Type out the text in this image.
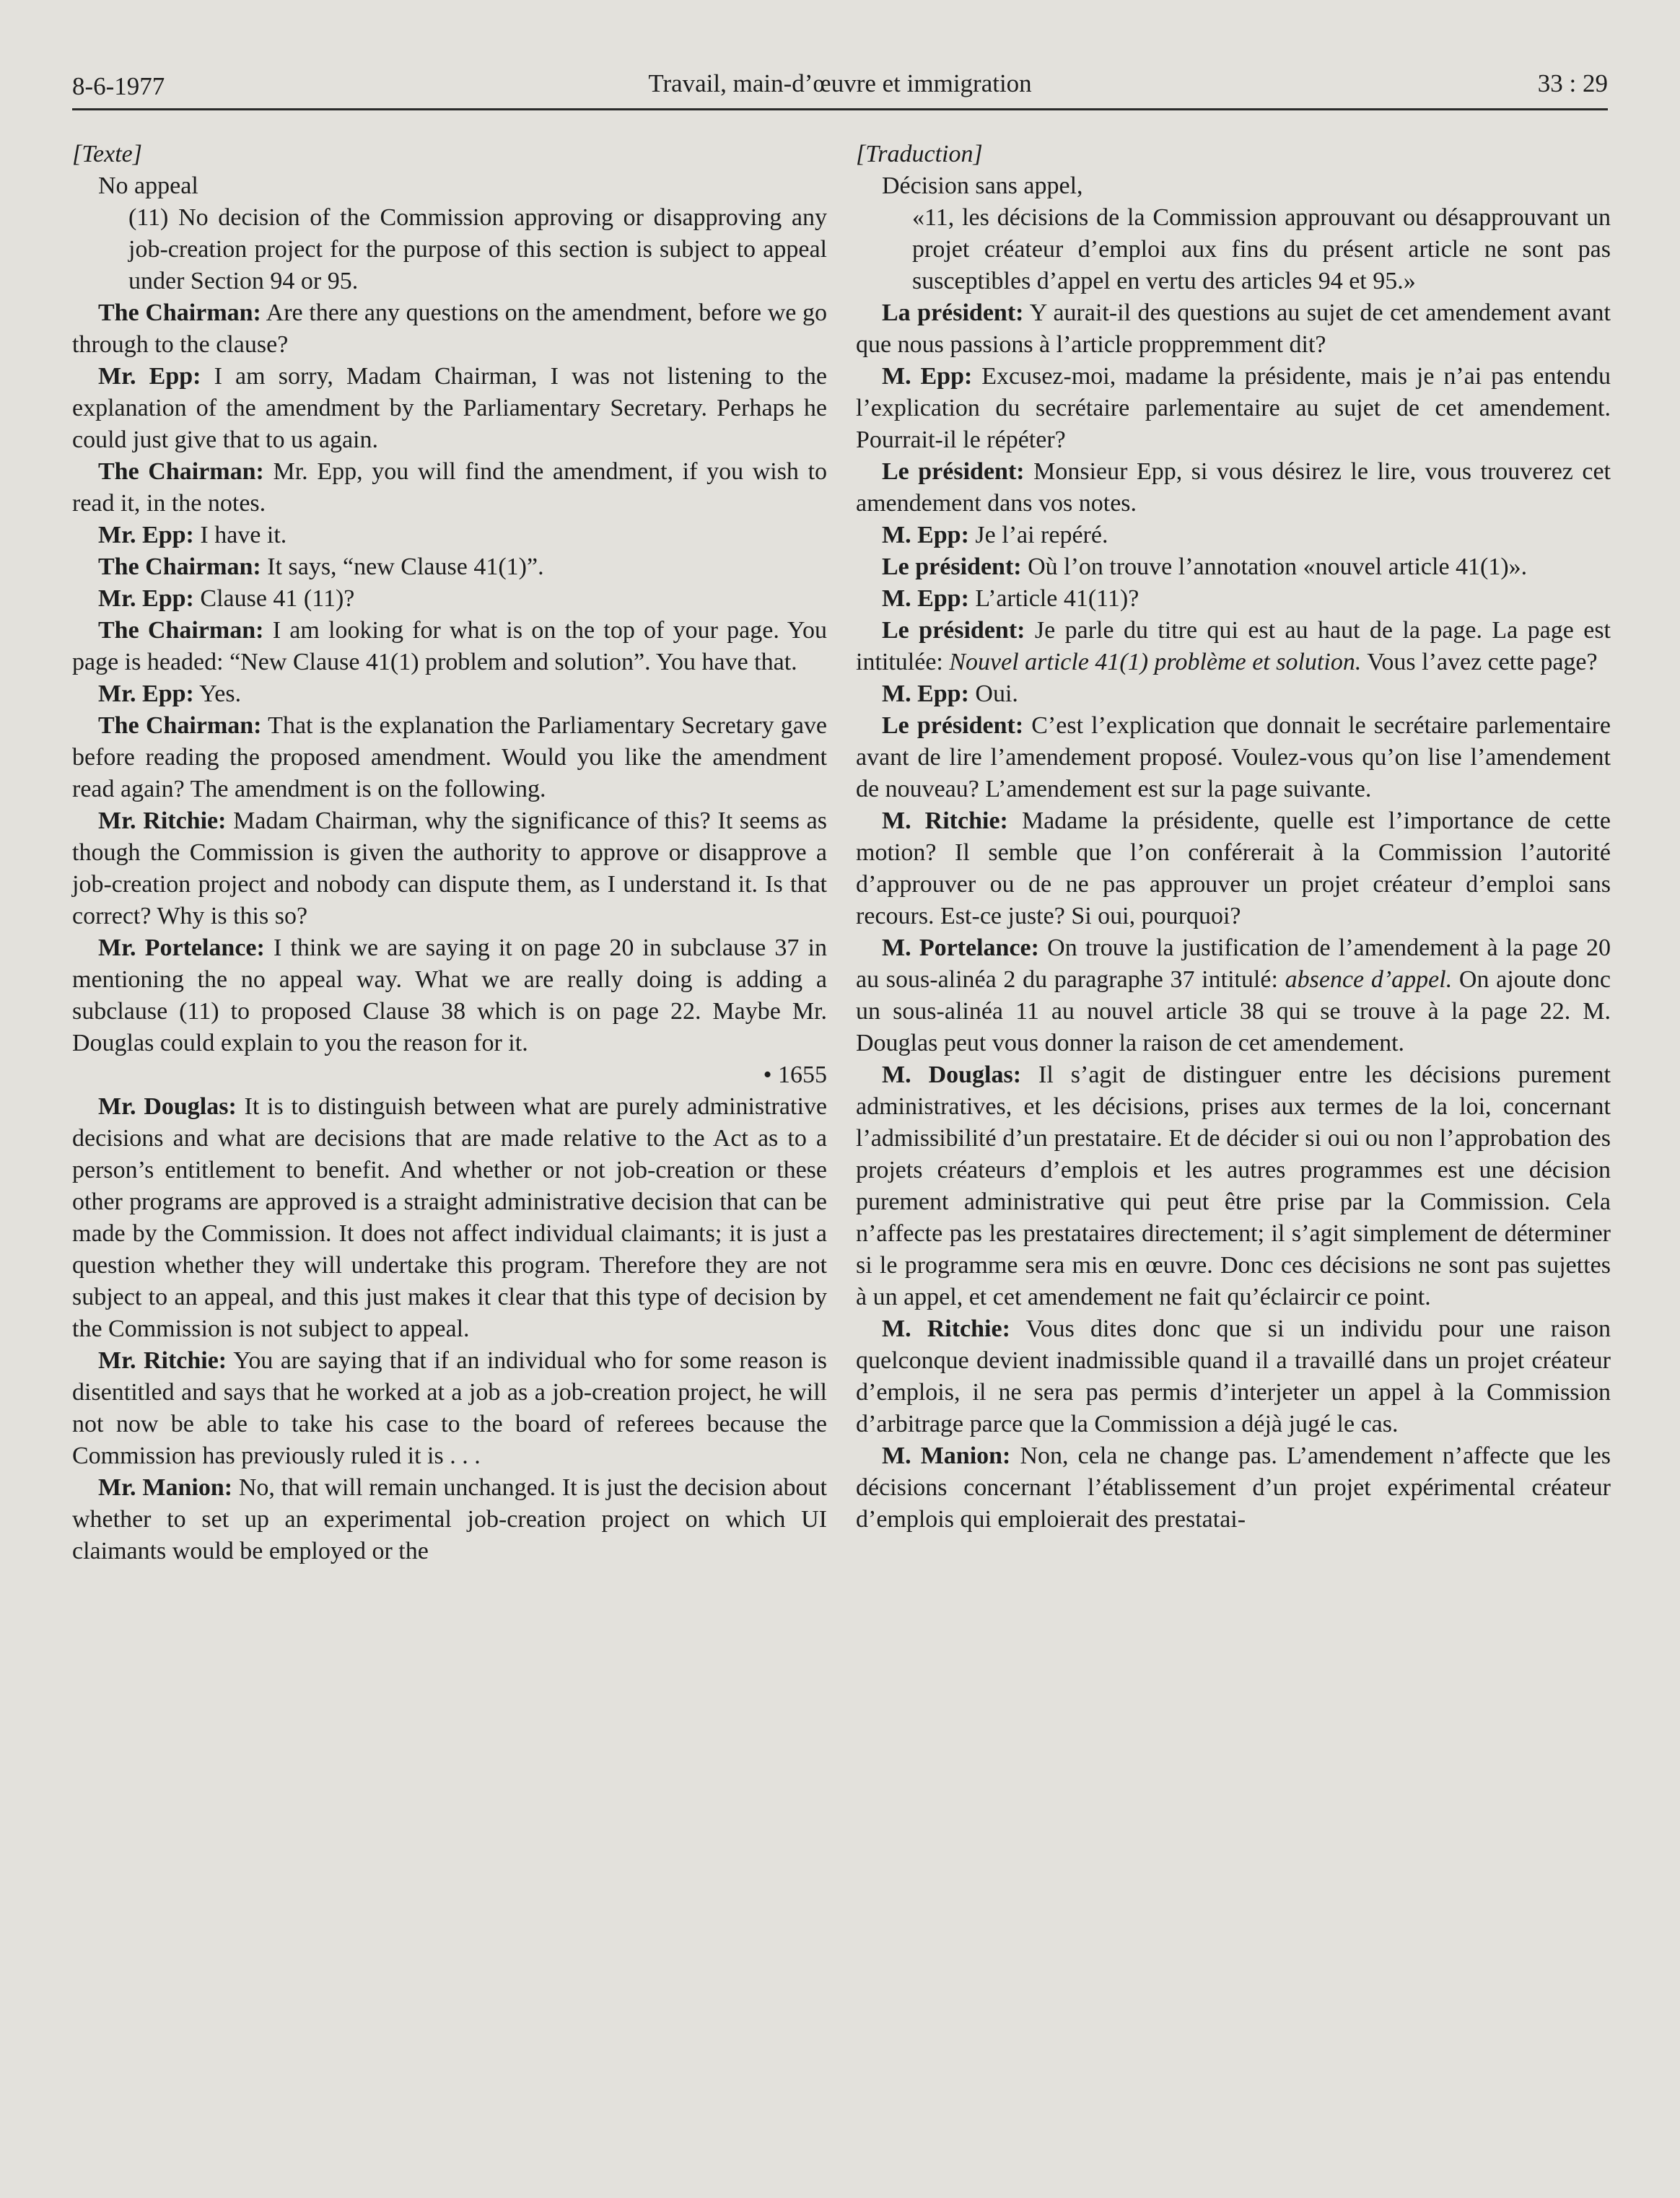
8-6-1977	Travail, main-d’œuvre et immigration	33 : 29

[Texte]

No appeal

(11) No decision of the Commission approving or disapproving any job-creation project for the purpose of this section is subject to appeal under Section 94 or 95.

The Chairman: Are there any questions on the amendment, before we go through to the clause?

Mr. Epp: I am sorry, Madam Chairman, I was not listening to the explanation of the amendment by the Parliamentary Secretary. Perhaps he could just give that to us again.

The Chairman: Mr. Epp, you will find the amendment, if you wish to read it, in the notes.

Mr. Epp: I have it.

The Chairman: It says, “new Clause 41(1)”.

Mr. Epp: Clause 41 (11)?

The Chairman: I am looking for what is on the top of your page. You page is headed: “New Clause 41(1) problem and solution”. You have that.

Mr. Epp: Yes.

The Chairman: That is the explanation the Parliamentary Secretary gave before reading the proposed amendment. Would you like the amendment read again? The amendment is on the following.

Mr. Ritchie: Madam Chairman, why the significance of this? It seems as though the Commission is given the authority to approve or disapprove a job-creation project and nobody can dispute them, as I understand it. Is that correct? Why is this so?

Mr. Portelance: I think we are saying it on page 20 in subclause 37 in mentioning the no appeal way. What we are really doing is adding a subclause (11) to proposed Clause 38 which is on page 22. Maybe Mr. Douglas could explain to you the reason for it.

• 1655

Mr. Douglas: It is to distinguish between what are purely administrative decisions and what are decisions that are made relative to the Act as to a person’s entitlement to benefit. And whether or not job-creation or these other programs are approved is a straight administrative decision that can be made by the Commission. It does not affect individual claimants; it is just a question whether they will undertake this program. Therefore they are not subject to an appeal, and this just makes it clear that this type of decision by the Commission is not subject to appeal.

Mr. Ritchie: You are saying that if an individual who for some reason is disentitled and says that he worked at a job as a job-creation project, he will not now be able to take his case to the board of referees because the Commission has previously ruled it is . . .

Mr. Manion: No, that will remain unchanged. It is just the decision about whether to set up an experimental job-creation project on which UI claimants would be employed or the

[Traduction]

Décision sans appel,

«11, les décisions de la Commission approuvant ou désapprouvant un projet créateur d’emploi aux fins du présent article ne sont pas susceptibles d’appel en vertu des articles 94 et 95.»

La président: Y aurait-il des questions au sujet de cet amendement avant que nous passions à l’article proppremment dit?

M. Epp: Excusez-moi, madame la présidente, mais je n’ai pas entendu l’explication du secrétaire parlementaire au sujet de cet amendement. Pourrait-il le répéter?

Le président: Monsieur Epp, si vous désirez le lire, vous trouverez cet amendement dans vos notes.

M. Epp: Je l’ai repéré.

Le président: Où l’on trouve l’annotation «nouvel article 41(1)».

M. Epp: L’article 41(11)?

Le président: Je parle du titre qui est au haut de la page. La page est intitulée: Nouvel article 41(1) problème et solution. Vous l’avez cette page?

M. Epp: Oui.

Le président: C’est l’explication que donnait le secrétaire parlementaire avant de lire l’amendement proposé. Voulez-vous qu’on lise l’amendement de nouveau? L’amendement est sur la page suivante.

M. Ritchie: Madame la présidente, quelle est l’importance de cette motion? Il semble que l’on conférerait à la Commission l’autorité d’approuver ou de ne pas approuver un projet créateur d’emploi sans recours. Est-ce juste? Si oui, pourquoi?

M. Portelance: On trouve la justification de l’amendement à la page 20 au sous-alinéa 2 du paragraphe 37 intitulé: absence d’appel. On ajoute donc un sous-alinéa 11 au nouvel article 38 qui se trouve à la page 22. M. Douglas peut vous donner la raison de cet amendement.

M. Douglas: Il s’agit de distinguer entre les décisions purement administratives, et les décisions, prises aux termes de la loi, concernant l’admissibilité d’un prestataire. Et de décider si oui ou non l’approbation des projets créateurs d’emplois et les autres programmes est une décision purement administrative qui peut être prise par la Commission. Cela n’affecte pas les prestataires directement; il s’agit simplement de déterminer si le programme sera mis en œuvre. Donc ces décisions ne sont pas sujettes à un appel, et cet amendement ne fait qu’éclaircir ce point.

M. Ritchie: Vous dites donc que si un individu pour une raison quelconque devient inadmissible quand il a travaillé dans un projet créateur d’emplois, il ne sera pas permis d’interjeter un appel à la Commission d’arbitrage parce que la Commission a déjà jugé le cas.

M. Manion: Non, cela ne change pas. L’amendement n’affecte que les décisions concernant l’établissement d’un projet expérimental créateur d’emplois qui emploierait des prestatai-
